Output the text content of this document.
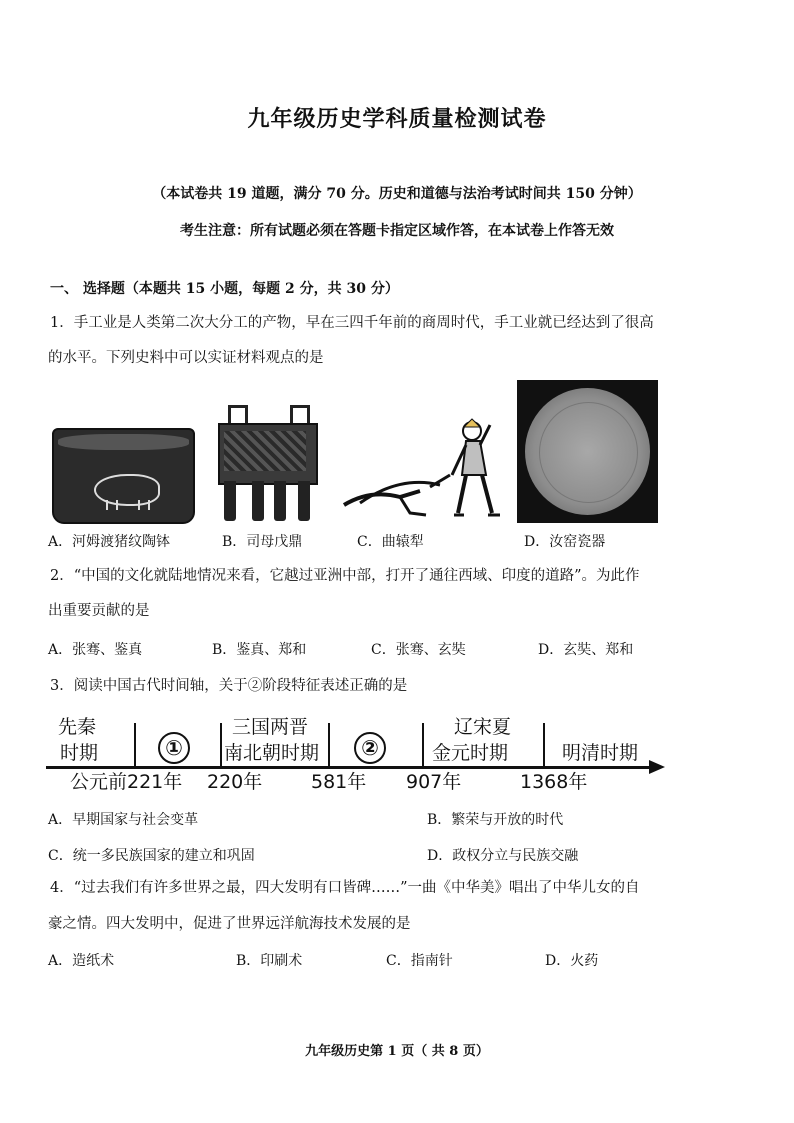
九年级历史学科质量检测试卷
（本试卷共 19 道题，满分 70 分。历史和道德与法治考试时间共 150 分钟）
考生注意：所有试题必须在答题卡指定区域作答，在本试卷上作答无效
一、 选择题（本题共 15 小题，每题 2 分，共 30 分）
1．手工业是人类第二次大分工的产物，早在三四千年前的商周时代，手工业就已经达到了很高
的水平。下列史料中可以实证材料观点的是
A．河姆渡猪纹陶钵	B．司母戊鼎	C．曲辕犁	D．汝窑瓷器
2．“中国的文化就陆地情况来看，它越过亚洲中部，打开了通往西域、印度的道路”。为此作
出重要贡献的是
A．张骞、鉴真	B．鉴真、郑和	C．张骞、玄奘	D．玄奘、郑和
3．阅读中国古代时间轴，关于②阶段特征表述正确的是
先秦
时期	①
三国两晋
南北朝时期	②
辽宋夏
金元时期	明清时期
公元前221年 220年	581年 907年	1368年
A．早期国家与社会变革	B．繁荣与开放的时代
C．统一多民族国家的建立和巩固	D．政权分立与民族交融
4．“过去我们有许多世界之最，四大发明有口皆碑……”一曲《中华美》唱出了中华儿女的自
豪之情。四大发明中，促进了世界远洋航海技术发展的是
A．造纸术	B．印刷术	C．指南针	D．火药
九年级历史第 1 页（ 共 8 页）
